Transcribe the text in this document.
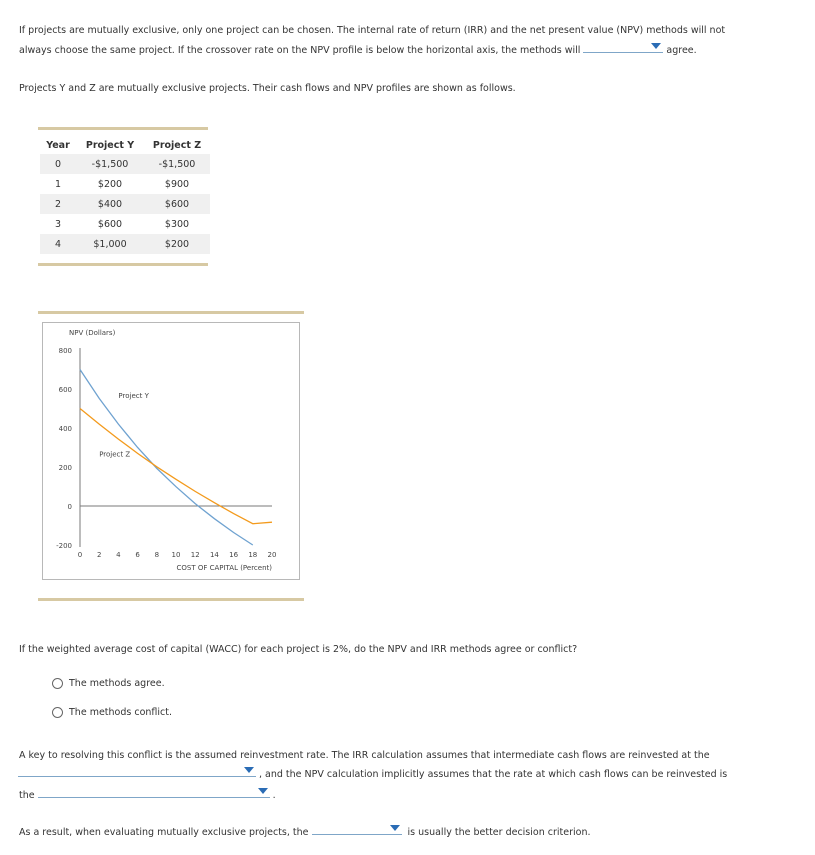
If projects are mutually exclusive, only one project can be chosen. The internal rate of return (IRR) and the net present value (NPV) methods will not
always choose the same project. If the crossover rate on the NPV profile is below the horizontal axis, the methods will	agree.
Projects Y and Z are mutually exclusive projects. Their cash flows and NPV profiles are shown as follows.
Year	Project Y	Project Z
0	-$1,500	-$1,500
1	$200	$900
2	$400	$600
3	$600	$300
4	$1,000	$200
800
600
400
200
0
-200
0 2 4 6 8 10 12 14 16 18 20
NPV (Dollars)
COST OF CAPITAL (Percent)
Project Y
Project Z
If the weighted average cost of capital (WACC) for each project is 2%, do the NPV and IRR methods agree or conflict?
The methods agree.
The methods conflict.
A key to resolving this conflict is the assumed reinvestment rate. The IRR calculation assumes that intermediate cash flows are reinvested at the
, and the NPV calculation implicitly assumes that the rate at which cash flows can be reinvested is
the	.
As a result, when evaluating mutually exclusive projects, the	is usually the better decision criterion.
